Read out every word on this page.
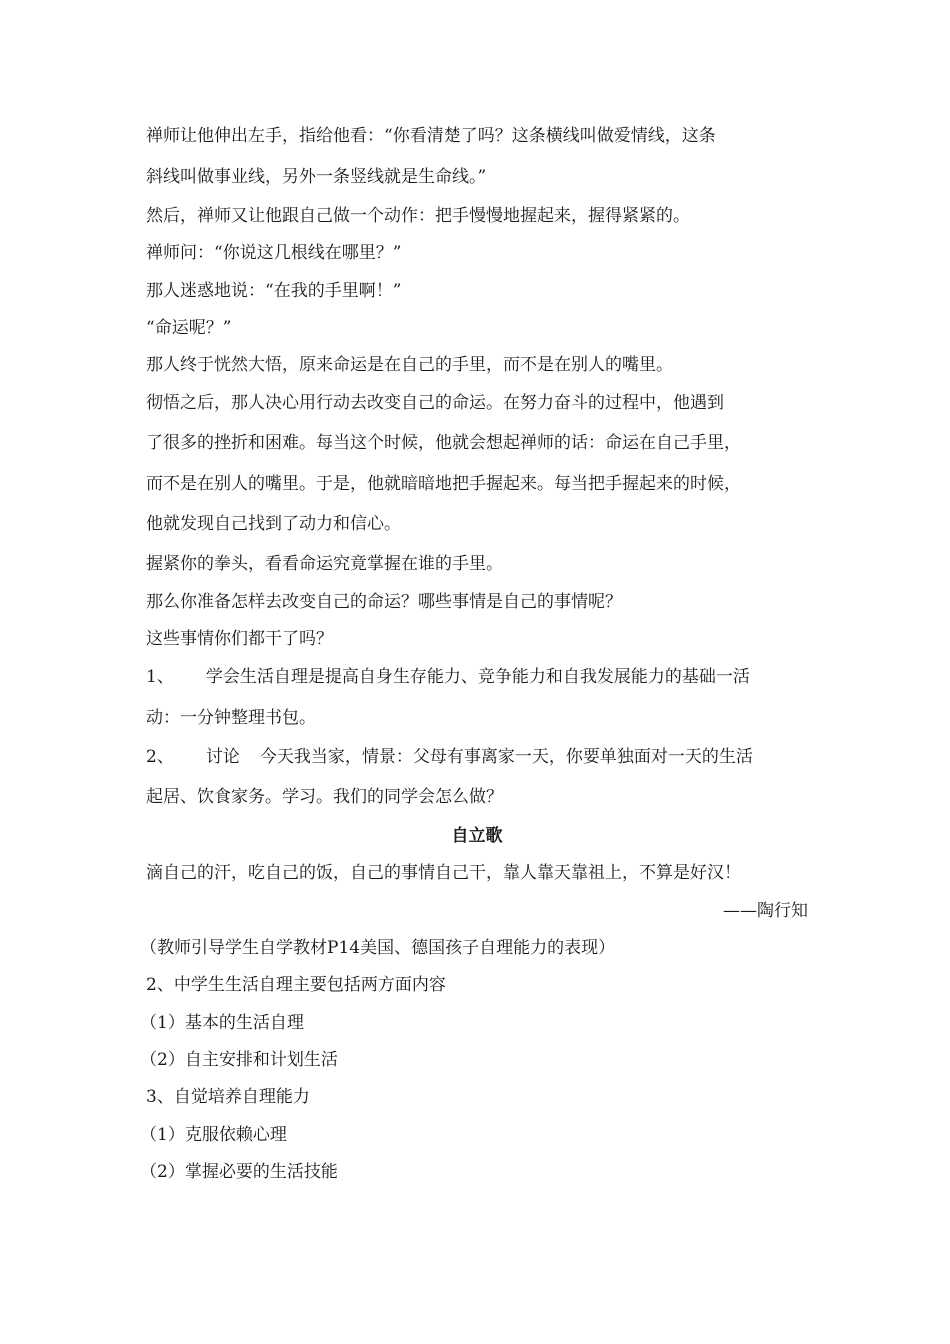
禅师让他伸出左手，指给他看：“你看清楚了吗？这条横线叫做爱情线，这条
斜线叫做事业线，另外一条竖线就是生命线。”
然后，禅师又让他跟自己做一个动作：把手慢慢地握起来，握得紧紧的。
禅师问：“你说这几根线在哪里？”
那人迷惑地说：“在我的手里啊！”
“命运呢？”
那人终于恍然大悟，原来命运是在自己的手里，而不是在别人的嘴里。
彻悟之后，那人决心用行动去改变自己的命运。在努力奋斗的过程中，他遇到
了很多的挫折和困难。每当这个时候，他就会想起禅师的话：命运在自己手里，
而不是在别人的嘴里。于是，他就暗暗地把手握起来。每当把手握起来的时候，
他就发现自己找到了动力和信心。
握紧你的拳头，看看命运究竟掌握在谁的手里。
那么你准备怎样去改变自己的命运？哪些事情是自己的事情呢？
这些事情你们都干了吗？
1、 学会生活自理是提高自身生存能力、竞争能力和自我发展能力的基础一活
动：一分钟整理书包。
2、 讨论 今天我当家，情景：父母有事离家一天，你要单独面对一天的生活
起居、饮食家务。学习。我们的同学会怎么做？
自立歌
滴自己的汗，吃自己的饭，自己的事情自己干，靠人靠天靠祖上，不算是好汉！
——陶行知
（教师引导学生自学教材P14美国、德国孩子自理能力的表现）
2、中学生生活自理主要包括两方面内容
（1）基本的生活自理
（2）自主安排和计划生活
3、自觉培养自理能力
（1）克服依赖心理
（2）掌握必要的生活技能
